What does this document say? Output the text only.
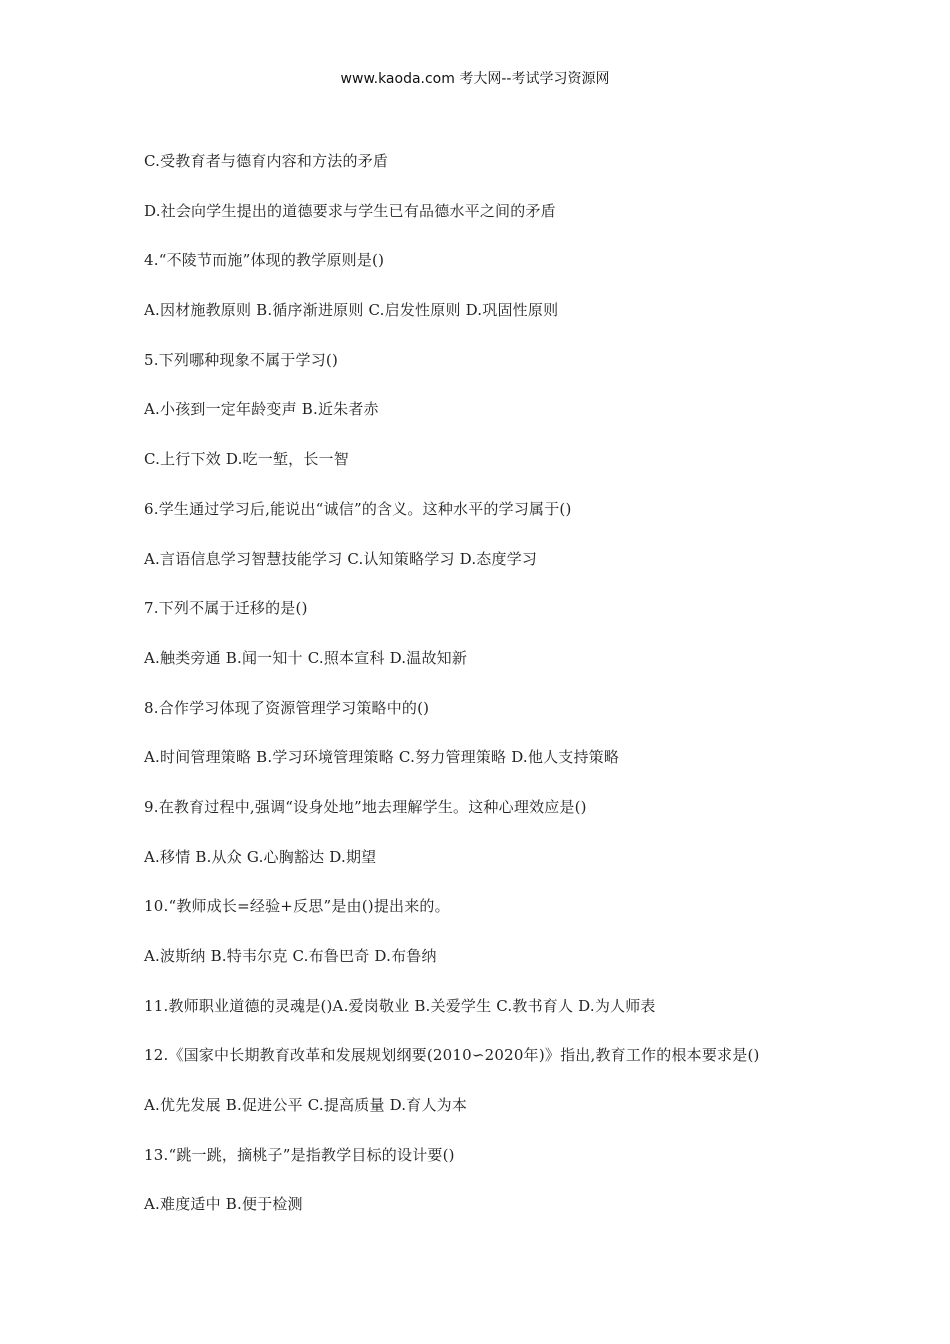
www.kaoda.com 考大网--考试学习资源网
C.受教育者与德育内容和方法的矛盾
D.社会向学生提出的道德要求与学生已有品德水平之间的矛盾
4.“不陵节而施”体现的教学原则是()
A.因材施教原则 B.循序渐进原则 C.启发性原则 D.巩固性原则
5.下列哪种现象不属于学习()
A.小孩到一定年龄变声 B.近朱者赤
C.上行下效 D.吃一堑，长一智
6.学生通过学习后,能说出“诚信”的含义。这种水平的学习属于()
A.言语信息学习智慧技能学习 C.认知策略学习 D.态度学习
7.下列不属于迁移的是()
A.触类旁通 B.闻一知十 C.照本宣科 D.温故知新
8.合作学习体现了资源管理学习策略中的()
A.时间管理策略 B.学习环境管理策略 C.努力管理策略 D.他人支持策略
9.在教育过程中,强调“设身处地”地去理解学生。这种心理效应是()
A.移情 B.从众 G.心胸豁达 D.期望
10.“教师成长=经验+反思”是由()提出来的。
A.波斯纳 B.特韦尔克 C.布鲁巴奇 D.布鲁纳
11.教师职业道德的灵魂是()A.爱岗敬业 B.关爱学生 C.教书育人 D.为人师表
12.《国家中长期教育改革和发展规划纲要(2010∽2020年)》指出,教育工作的根本要求是()
A.优先发展 B.促进公平 C.提高质量 D.育人为本
13.“跳一跳，摘桃子”是指教学目标的设计要()
A.难度适中 B.便于检测
